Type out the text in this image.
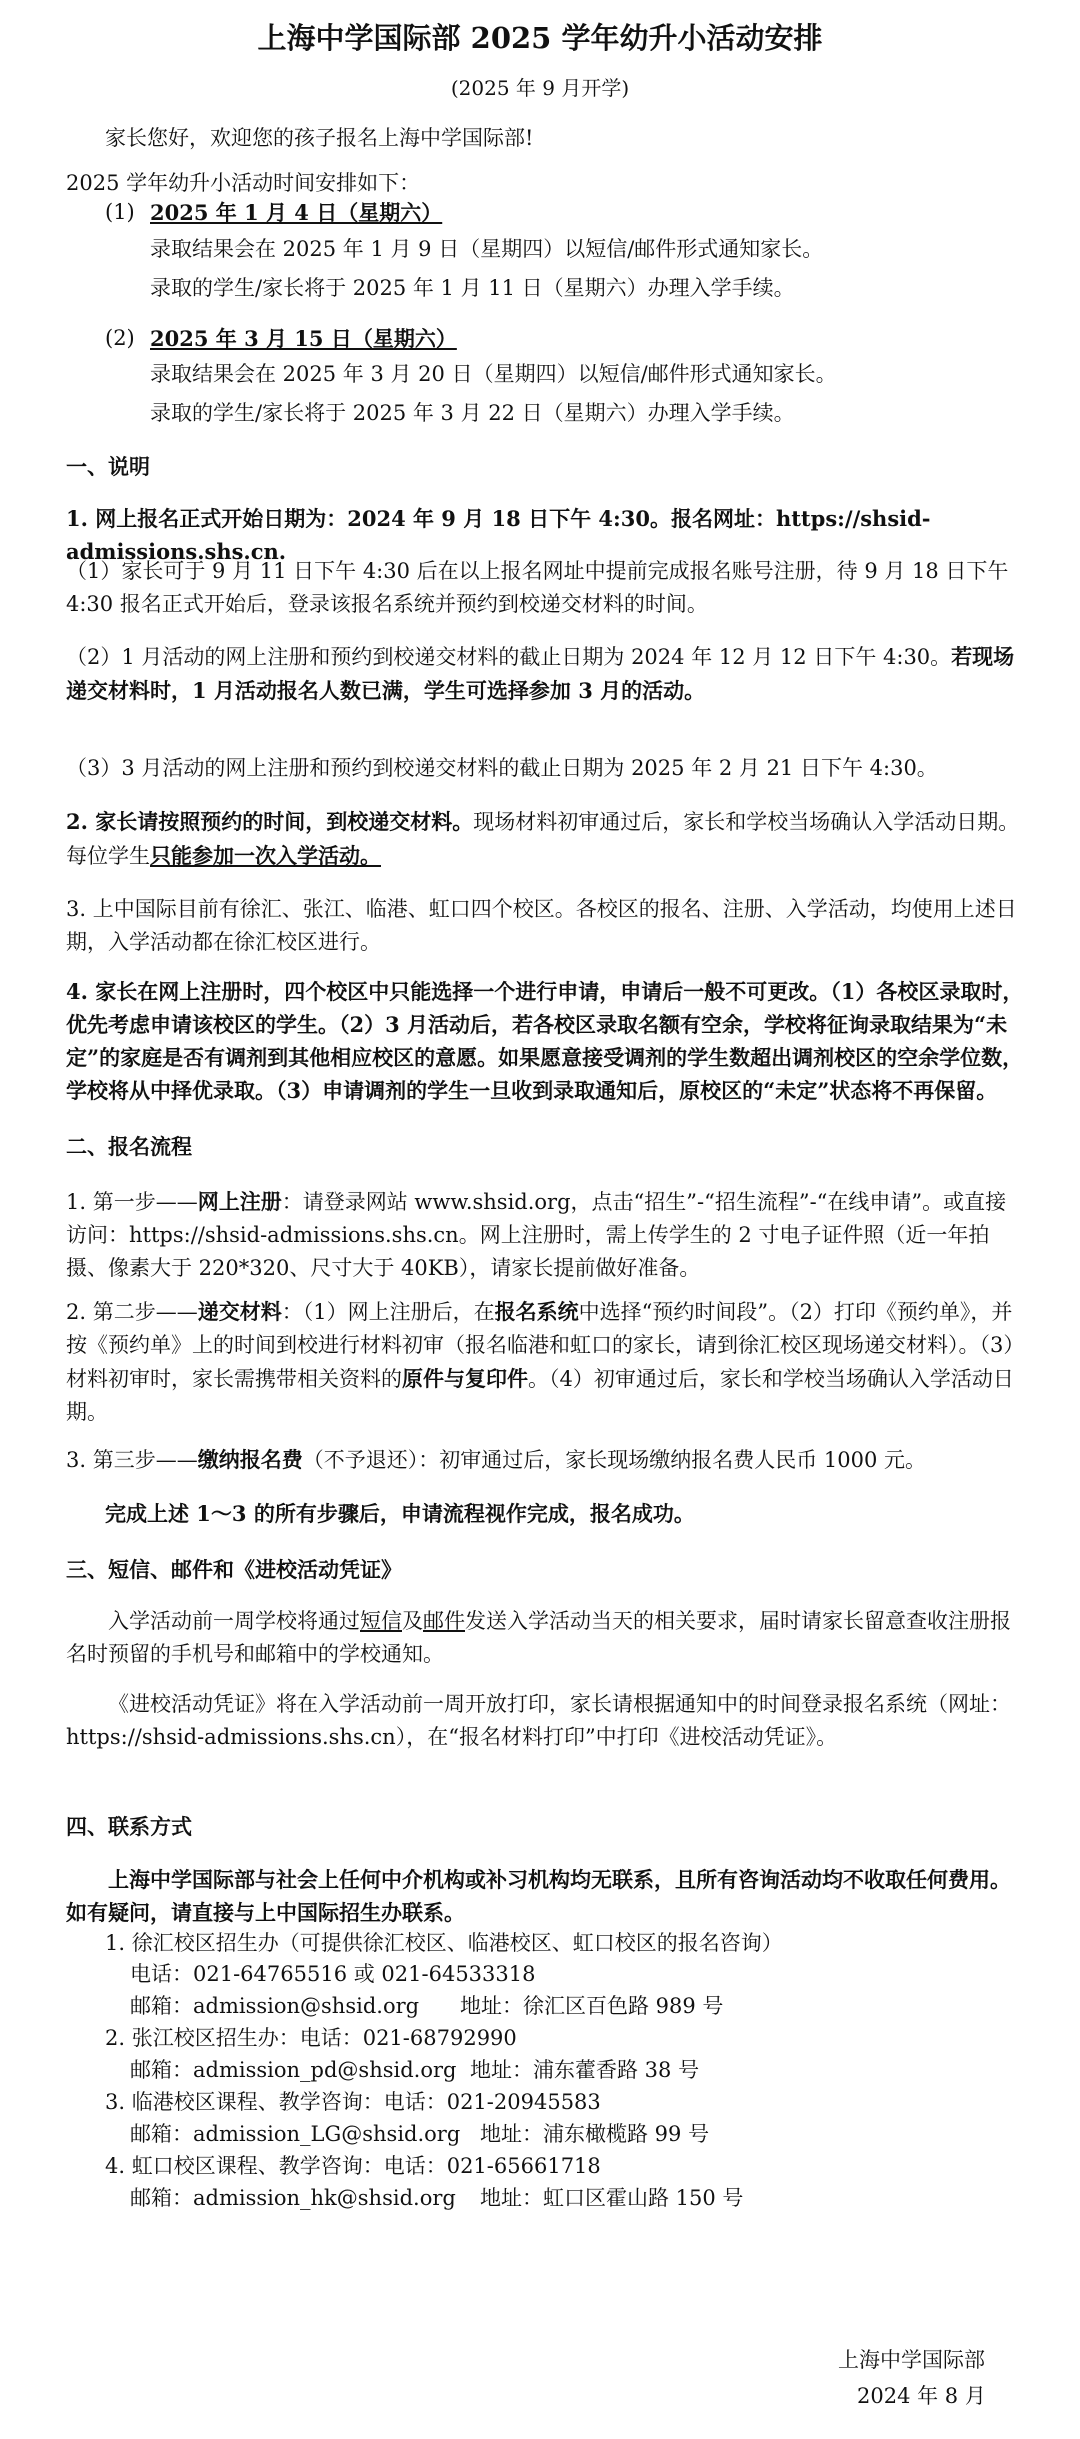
上海中学国际部 2025 学年幼升小活动安排
(2025 年 9 月开学)
家长您好，欢迎您的孩子报名上海中学国际部!
2025 学年幼升小活动时间安排如下：
(1) 2025 年 1 月 4 日（星期六）
录取结果会在 2025 年 1 月 9 日（星期四）以短信/邮件形式通知家长。
录取的学生/家长将于 2025 年 1 月 11 日（星期六）办理入学手续。
(2) 2025 年 3 月 15 日（星期六）
录取结果会在 2025 年 3 月 20 日（星期四）以短信/邮件形式通知家长。
录取的学生/家长将于 2025 年 3 月 22 日（星期六）办理入学手续。
一、说明
1. 网上报名正式开始日期为：2024 年 9 月 18 日下午 4:30。报名网址：https://shsid-admissions.shs.cn.
（1）家长可于 9 月 11 日下午 4:30 后在以上报名网址中提前完成报名账号注册，待 9 月 18 日下午 4:30 报名正式开始后，登录该报名系统并预约到校递交材料的时间。
（2）1 月活动的网上注册和预约到校递交材料的截止日期为 2024 年 12 月 12 日下午 4:30。若现场递交材料时，1 月活动报名人数已满，学生可选择参加 3 月的活动。
（3）3 月活动的网上注册和预约到校递交材料的截止日期为 2025 年 2 月 21 日下午 4:30。
2. 家长请按照预约的时间，到校递交材料。现场材料初审通过后，家长和学校当场确认入学活动日期。每位学生只能参加一次入学活动。
3. 上中国际目前有徐汇、张江、临港、虹口四个校区。各校区的报名、注册、入学活动，均使用上述日期，入学活动都在徐汇校区进行。
4. 家长在网上注册时，四个校区中只能选择一个进行申请，申请后一般不可更改。（1）各校区录取时，优先考虑申请该校区的学生。（2）3 月活动后，若各校区录取名额有空余，学校将征询录取结果为“未定”的家庭是否有调剂到其他相应校区的意愿。如果愿意接受调剂的学生数超出调剂校区的空余学位数，学校将从中择优录取。（3）申请调剂的学生一旦收到录取通知后，原校区的“未定”状态将不再保留。
二、报名流程
1. 第一步——网上注册：请登录网站 www.shsid.org，点击“招生”-“招生流程”-“在线申请”。或直接访问：https://shsid-admissions.shs.cn。网上注册时，需上传学生的 2 寸电子证件照（近一年拍摄、像素大于 220*320、尺寸大于 40KB），请家长提前做好准备。
2. 第二步——递交材料：（1）网上注册后，在报名系统中选择“预约时间段”。（2）打印《预约单》，并按《预约单》上的时间到校进行材料初审（报名临港和虹口的家长，请到徐汇校区现场递交材料）。（3）材料初审时，家长需携带相关资料的原件与复印件。（4）初审通过后，家长和学校当场确认入学活动日期。
3. 第三步——缴纳报名费（不予退还）：初审通过后，家长现场缴纳报名费人民币 1000 元。
完成上述 1～3 的所有步骤后，申请流程视作完成，报名成功。
三、短信、邮件和《进校活动凭证》
入学活动前一周学校将通过短信及邮件发送入学活动当天的相关要求，届时请家长留意查收注册报名时预留的手机号和邮箱中的学校通知。
《进校活动凭证》将在入学活动前一周开放打印，家长请根据通知中的时间登录报名系统（网址：https://shsid-admissions.shs.cn），在“报名材料打印”中打印《进校活动凭证》。
四、联系方式
上海中学国际部与社会上任何中介机构或补习机构均无联系，且所有咨询活动均不收取任何费用。如有疑问，请直接与上中国际招生办联系。
1. 徐汇校区招生办（可提供徐汇校区、临港校区、虹口校区的报名咨询）
电话：021-64765516 或 021-64533318
邮箱：admission@shsid.org 地址：徐汇区百色路 989 号
2. 张江校区招生办：电话：021-68792990
邮箱：admission_pd@shsid.org 地址：浦东藿香路 38 号
3. 临港校区课程、教学咨询：电话：021-20945583
邮箱：admission_LG@shsid.org 地址：浦东橄榄路 99 号
4. 虹口校区课程、教学咨询：电话：021-65661718
邮箱：admission_hk@shsid.org 地址：虹口区霍山路 150 号
上海中学国际部
2024 年 8 月
